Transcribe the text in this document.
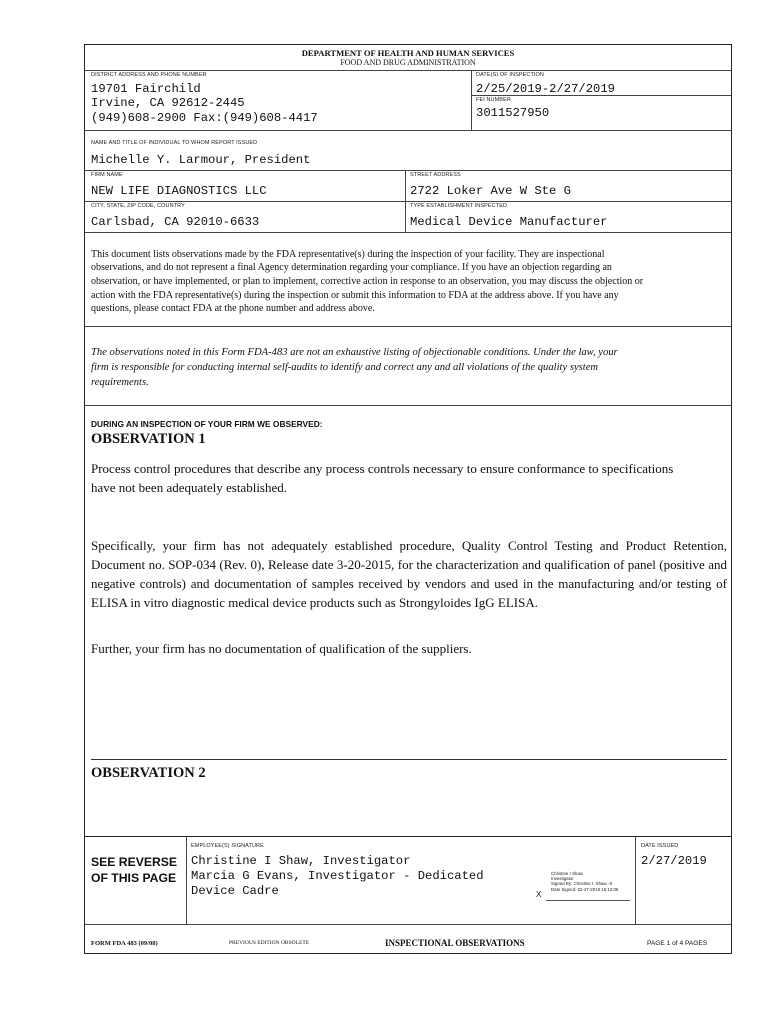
DEPARTMENT OF HEALTH AND HUMAN SERVICES
FOOD AND DRUG ADMINISTRATION
DISTRICT ADDRESS AND PHONE NUMBER
19701 Fairchild
Irvine, CA 92612-2445
(949)608-2900 Fax:(949)608-4417
DATE(S) OF INSPECTION
2/25/2019-2/27/2019
FEI NUMBER
3011527950
NAME AND TITLE OF INDIVIDUAL TO WHOM REPORT ISSUED
Michelle Y. Larmour, President
FIRM NAME
NEW LIFE DIAGNOSTICS LLC
STREET ADDRESS
2722 Loker Ave W Ste G
CITY, STATE, ZIP CODE, COUNTRY
Carlsbad, CA 92010-6633
TYPE ESTABLISHMENT INSPECTED
Medical Device Manufacturer
This document lists observations made by the FDA representative(s) during the inspection of your facility. They are inspectional
observations, and do not represent a final Agency determination regarding your compliance. If you have an objection regarding an
observation, or have implemented, or plan to implement, corrective action in response to an observation, you may discuss the objection or
action with the FDA representative(s) during the inspection or submit this information to FDA at the address above. If you have any
questions, please contact FDA at the phone number and address above.
The observations noted in this Form FDA-483 are not an exhaustive listing of objectionable conditions. Under the law, your
firm is responsible for conducting internal self-audits to identify and correct any and all violations of the quality system
requirements.
DURING AN INSPECTION OF YOUR FIRM WE OBSERVED:
OBSERVATION 1
Process control procedures that describe any process controls necessary to ensure conformance to specifications have not been adequately established.
Specifically, your firm has not adequately established procedure, Quality Control Testing and Product Retention, Document no. SOP-034 (Rev. 0), Release date 3-20-2015, for the characterization and qualification of panel (positive and negative controls) and documentation of samples received by vendors and used in the manufacturing and/or testing of ELISA in vitro diagnostic medical device products such as Strongyloides IgG ELISA.
Further, your firm has no documentation of qualification of the suppliers.
OBSERVATION 2
SEE REVERSE
OF THIS PAGE
EMPLOYEE(S) SIGNATURE
Christine I Shaw, Investigator
Marcia G Evans, Investigator - Dedicated
Device Cadre
Christine I Shaw
Investigator
Signed By: Christine I. Shaw -S
Date Signed: 02-27-2019 15:12:06
X
DATE ISSUED
2/27/2019
FORM FDA 483 (09/08)	PREVIOUS EDITION OBSOLETE	INSPECTIONAL OBSERVATIONS	PAGE 1 of 4 PAGES
